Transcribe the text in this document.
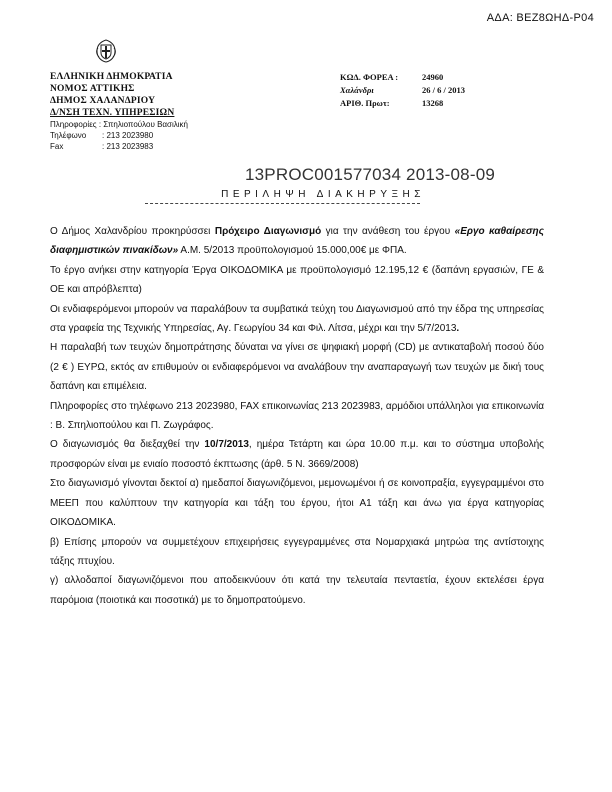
ΑΔΑ: ΒΕΖ8ΩΗΔ-Ρ04
ΕΛΛΗΝΙΚΗ ΔΗΜΟΚΡΑΤΙΑ
ΝΟΜΟΣ ΑΤΤΙΚΗΣ
ΔΗΜΟΣ ΧΑΛΑΝΔΡΙΟΥ
Δ/ΝΣΗ ΤΕΧΝ. ΥΠΗΡΕΣΙΩΝ
Πληροφορίες : Σπηλιοπούλου Βασιλική
Τηλέφωνο : 213 2023980
Fax	: 213 2023983
ΚΩΔ. ΦΟΡΕΑ :	24960
Χαλάνδρι	26 / 6 / 2013
ΑΡΙΘ. Πρωτ:	13268
13PROC001577034 2013-08-09
ΠΕΡΙΛΗΨΗ ΔΙΑΚΗΡΥΞΗΣ

Ο Δήμος Χαλανδρίου προκηρύσσει Πρόχειρο Διαγωνισμό για την ανάθεση του έργου «Εργο καθαίρεσης διαφημιστικών πινακίδων» Α.Μ. 5/2013 προϋπολογισμού 15.000,00€ με ΦΠΑ.

Το έργο ανήκει στην κατηγορία Έργα ΟΙΚΟΔΟΜΙΚΑ με προϋπολογισμό 12.195,12 € (δαπάνη εργασιών, ΓΕ & ΟΕ και απρόβλεπτα)

Οι ενδιαφερόμενοι μπορούν να παραλάβουν τα συμβατικά τεύχη του Διαγωνισμού από την έδρα της υπηρεσίας στα γραφεία της Τεχνικής Υπηρεσίας, Αγ. Γεωργίου 34 και Φιλ. Λίτσα, μέχρι και την 5/7/2013.

Η παραλαβή των τευχών δημοπράτησης δύναται να γίνει σε ψηφιακή μορφή (CD) με αντικαταβολή ποσού δύο (2 € ) ΕΥΡΩ, εκτός αν επιθυμούν οι ενδιαφερόμενοι να αναλάβουν την αναπαραγωγή των τευχών με δική τους δαπάνη και επιμέλεια.

Πληροφορίες στο τηλέφωνο 213 2023980, FAX επικοινωνίας 213 2023983, αρμόδιοι υπάλληλοι για επικοινωνία : Β. Σπηλιοπούλου και Π. Ζωγράφος.

Ο διαγωνισμός θα διεξαχθεί την 10/7/2013, ημέρα Τετάρτη και ώρα 10.00 π.μ. και το σύστημα υποβολής προσφορών είναι με ενιαίο ποσοστό έκπτωσης (άρθ. 5 Ν. 3669/2008)

Στο διαγωνισμό γίνονται δεκτοί α) ημεδαποί διαγωνιζόμενοι, μεμονωμένοι ή σε κοινοπραξία, εγγεγραμμένοι στο ΜΕΕΠ που καλύπτουν την κατηγορία και τάξη του έργου, ήτοι Α1 τάξη και άνω για έργα κατηγορίας ΟΙΚΟΔΟΜΙΚΑ.

β) Επίσης μπορούν να συμμετέχουν επιχειρήσεις εγγεγραμμένες στα Νομαρχιακά μητρώα της αντίστοιχης τάξης πτυχίου.

γ) αλλοδαποί διαγωνιζόμενοι που αποδεικνύουν ότι κατά την τελευταία πενταετία, έχουν εκτελέσει έργα παρόμοια (ποιοτικά και ποσοτικά) με το δημοπρατούμενο.
